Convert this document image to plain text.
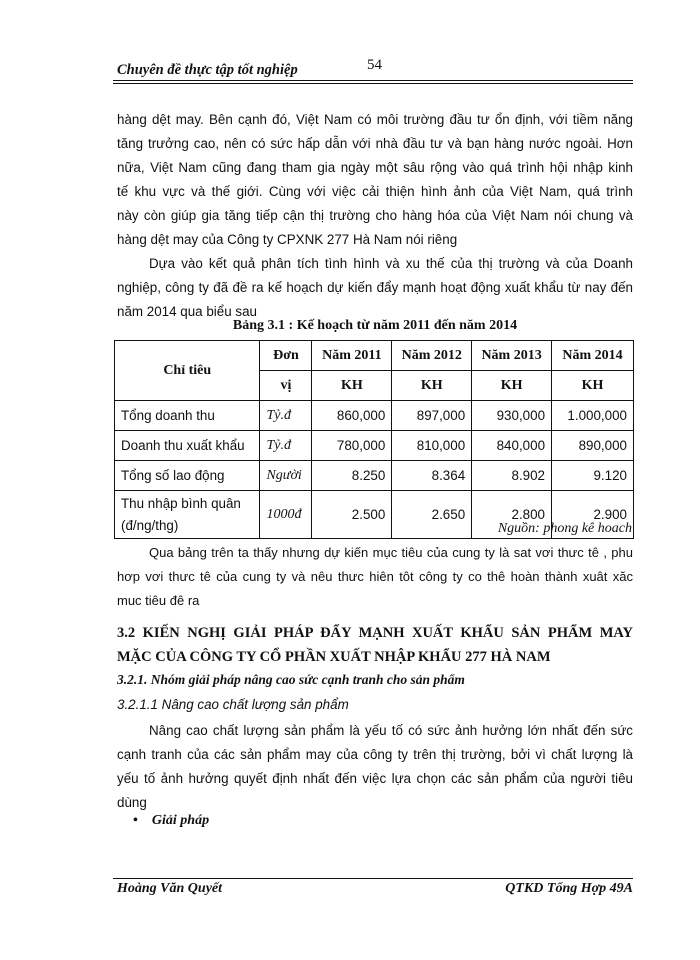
Chuyên đề thực tập tốt nghiệp	54
hàng dệt may. Bên cạnh đó, Việt Nam có môi trường đầu tư ổn định, với tiềm năng
tăng trưởng cao, nên có sức hấp dẫn với nhà đầu tư và bạn hàng nước ngoài. Hơn
nữa, Việt Nam cũng đang tham gia ngày một sâu rộng vào quá trình hội nhập kinh
tế khu vực và thế giới. Cùng với việc cải thiện hình ảnh của Việt Nam, quá trình
này còn giúp gia tăng tiếp cận thị trường cho hàng hóa của Việt Nam nói chung và
hàng dệt may của Công ty CPXNK 277 Hà Nam nói riêng
Dựa vào kết quả phân tích tình hình và xu thế của thị trường và của Doanh
nghiệp, công ty đã đề ra kế hoạch dự kiến đẩy mạnh hoạt động xuất khẩu từ nay đến
năm 2014 qua biểu sau
Bảng 3.1 : Kế hoạch từ năm 2011 đến năm 2014
Chỉ tiêu	Đơn	Năm 2011	Năm 2012	Năm 2013	Năm 2014
	vị	KH	KH	KH	KH
Tổng doanh thu	Tỷ.đ	860,000	897,000	930,000	1.000,000
Doanh thu xuất khẩu	Tỷ.đ	780,000	810,000	840,000	890,000
Tổng số lao động	Người	8.250	8.364	8.902	9.120

Thu nhập bình quân
(đ/ng/thg)	1000đ	2.500	2.650	2.800	2.900
Nguồn: phong kê hoach
Qua bảng trên ta thấy nhưng dự kiến mục tiêu của cung ty là sat vơi thưc tê , phu
hơp vơi thưc tê của cung ty và nêu thưc hiên tôt công ty co thê hoàn thành xuât xăc
muc tiêu đê ra
3.2 KIẾN NGHỊ GIẢI PHÁP ĐẨY MẠNH XUẤT KHẨU SẢN PHẨM MAY
MẶC CỦA CÔNG TY CỔ PHẦN XUẤT NHẬP KHẨU 277 HÀ NAM
3.2.1. Nhóm giải pháp nâng cao sức cạnh tranh cho sản phẩm
3.2.1.1 Nâng cao chất lượng sản phẩm
Nâng cao chất lượng sản phẩm là yếu tố có sức ảnh hưởng lớn nhất đến sức
cạnh tranh của các sản phẩm may của công ty trên thị trường, bởi vì chất lượng là
yếu tố ảnh hưởng quyết định nhất đến việc lựa chọn các sản phẩm của người tiêu
dùng
• Giải pháp
Hoàng Văn Quyết	QTKD Tổng Hợp 49A
